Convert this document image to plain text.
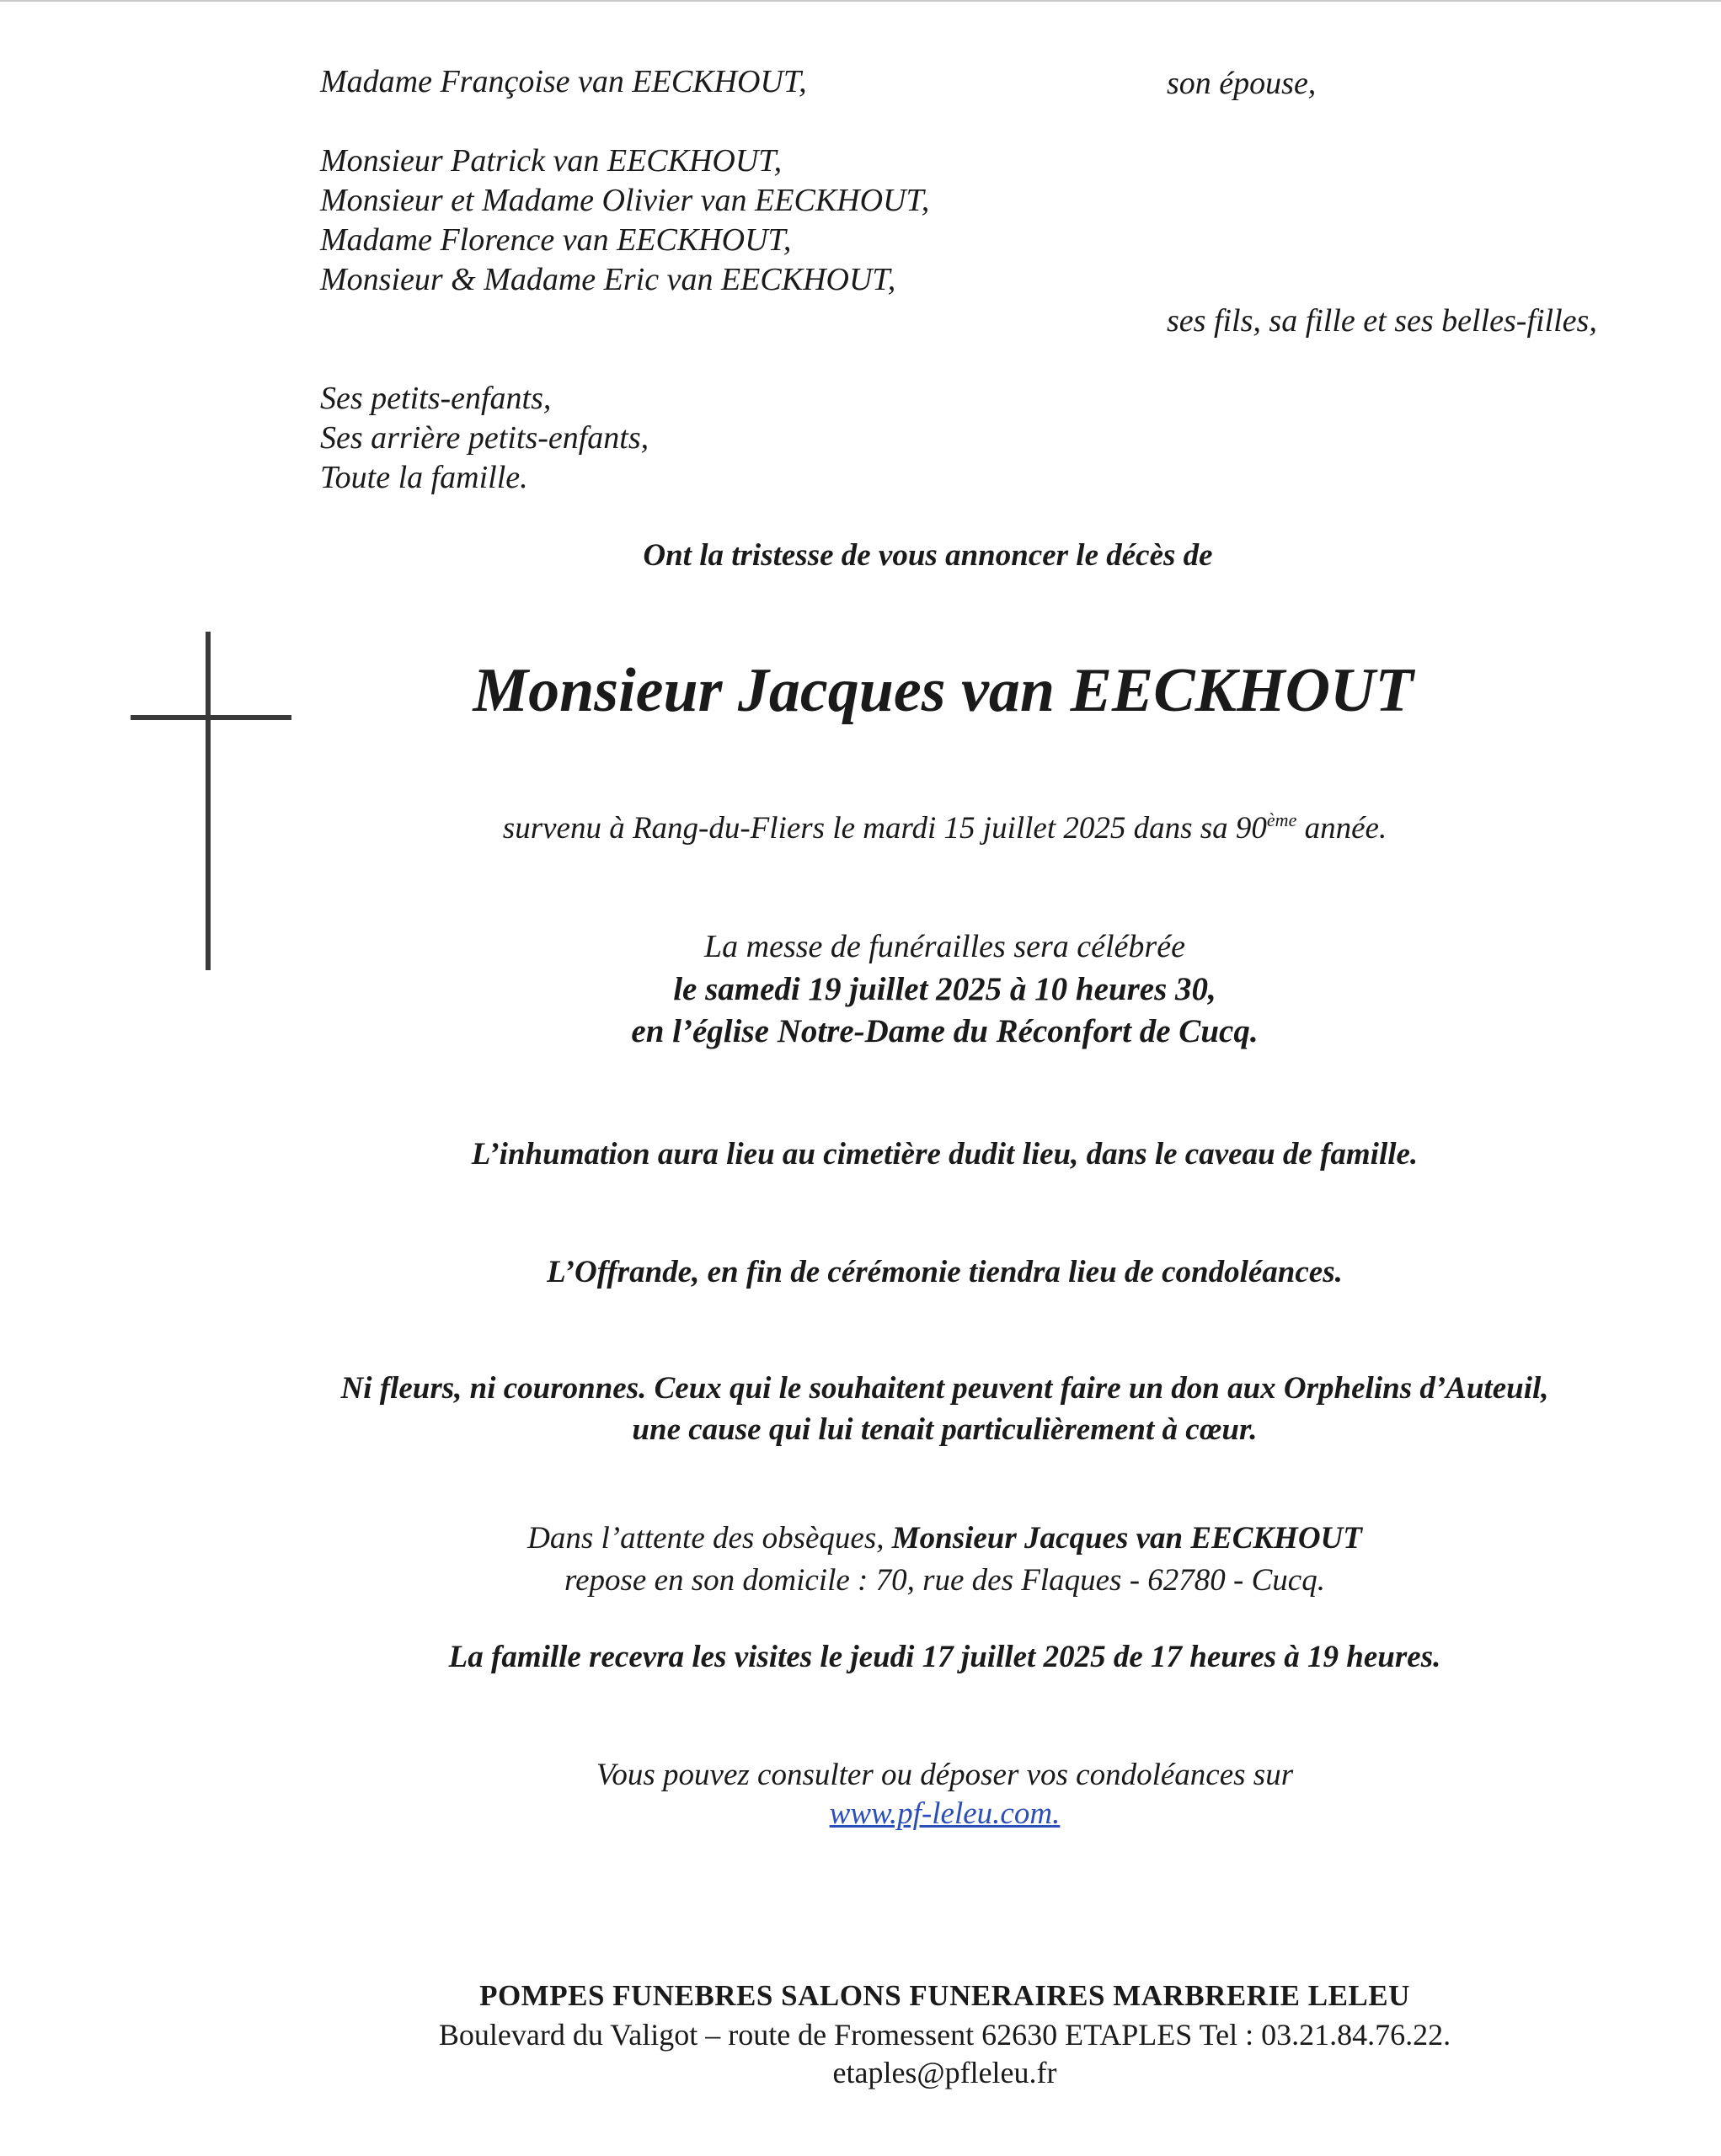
Madame Françoise van EECKHOUT,	son épouse,
Monsieur Patrick van EECKHOUT,
Monsieur et Madame Olivier van EECKHOUT,
Madame Florence van EECKHOUT,
Monsieur & Madame Eric van EECKHOUT,
ses fils, sa fille et ses belles-filles,
Ses petits-enfants,
Ses arrière petits-enfants,
Toute la famille.
Ont la tristesse de vous annoncer le décès de
Monsieur Jacques van EECKHOUT
survenu à Rang-du-Fliers le mardi 15 juillet 2025 dans sa 90ème année.
La messe de funérailles sera célébrée
le samedi 19 juillet 2025 à 10 heures 30,
en l’église Notre-Dame du Réconfort de Cucq.
L’inhumation aura lieu au cimetière dudit lieu, dans le caveau de famille.
L’Offrande, en fin de cérémonie tiendra lieu de condoléances.
Ni fleurs, ni couronnes. Ceux qui le souhaitent peuvent faire un don aux Orphelins d’Auteuil,
une cause qui lui tenait particulièrement à cœur.
Dans l’attente des obsèques, Monsieur Jacques van EECKHOUT
repose en son domicile : 70, rue des Flaques - 62780 - Cucq.
La famille recevra les visites le jeudi 17 juillet 2025 de 17 heures à 19 heures.
Vous pouvez consulter ou déposer vos condoléances sur
www.pf-leleu.com.
POMPES FUNEBRES SALONS FUNERAIRES MARBRERIE LELEU
Boulevard du Valigot – route de Fromessent 62630 ETAPLES Tel : 03.21.84.76.22.
etaples@pfleleu.fr
